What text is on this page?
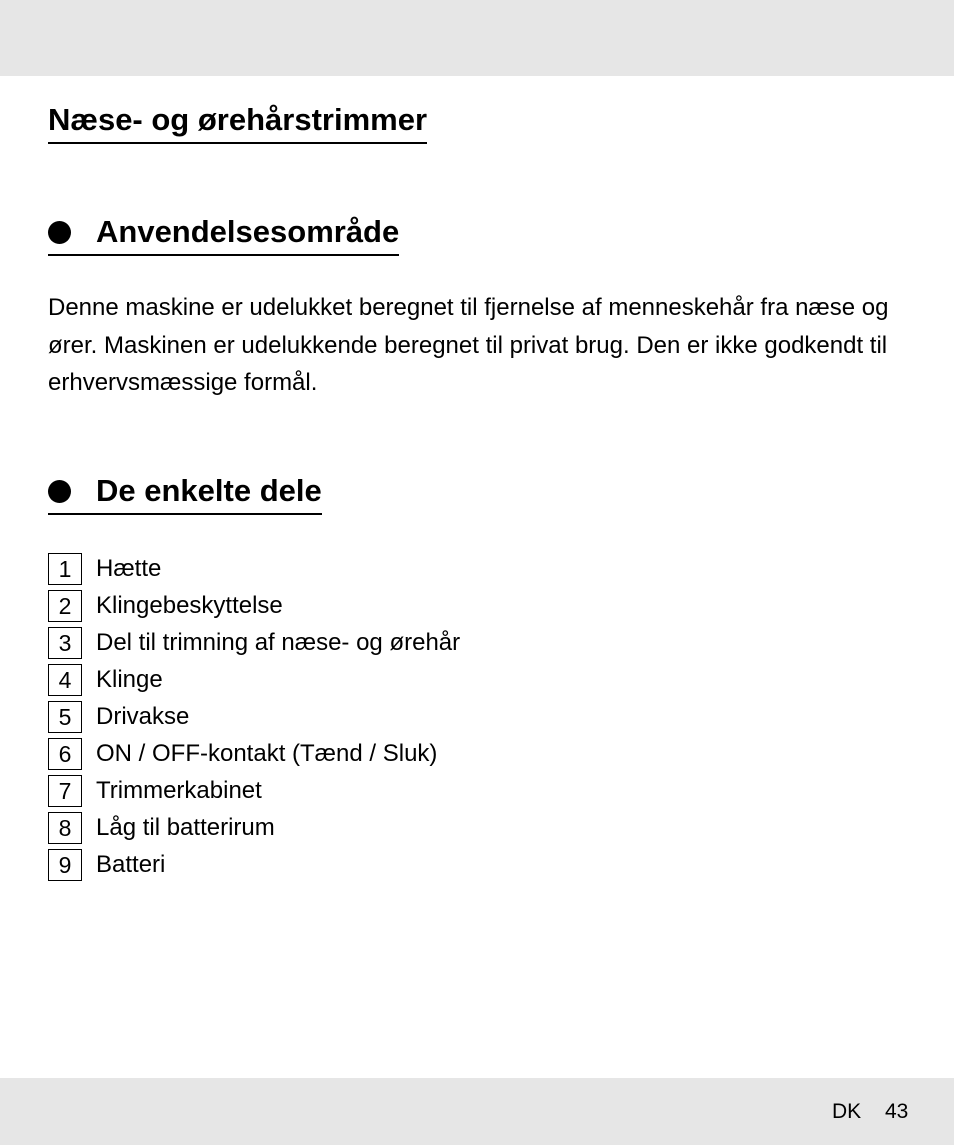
Næse- og ørehårstrimmer
Anvendelsesområde

Denne maskine er udelukket beregnet til fjernelse af menneskehår fra næse og ører. Maskinen er udelukkende beregnet til privat brug. Den er ikke godkendt til erhvervsmæssige formål.

De enkelte dele
1	Hætte
2	Klingebeskyttelse
3	Del til trimning af næse- og ørehår
4	Klinge
5	Drivakse
6	ON / OFF-kontakt (Tænd / Sluk)
7	Trimmerkabinet
8	Låg til batterirum
9	Batteri
DK 43
